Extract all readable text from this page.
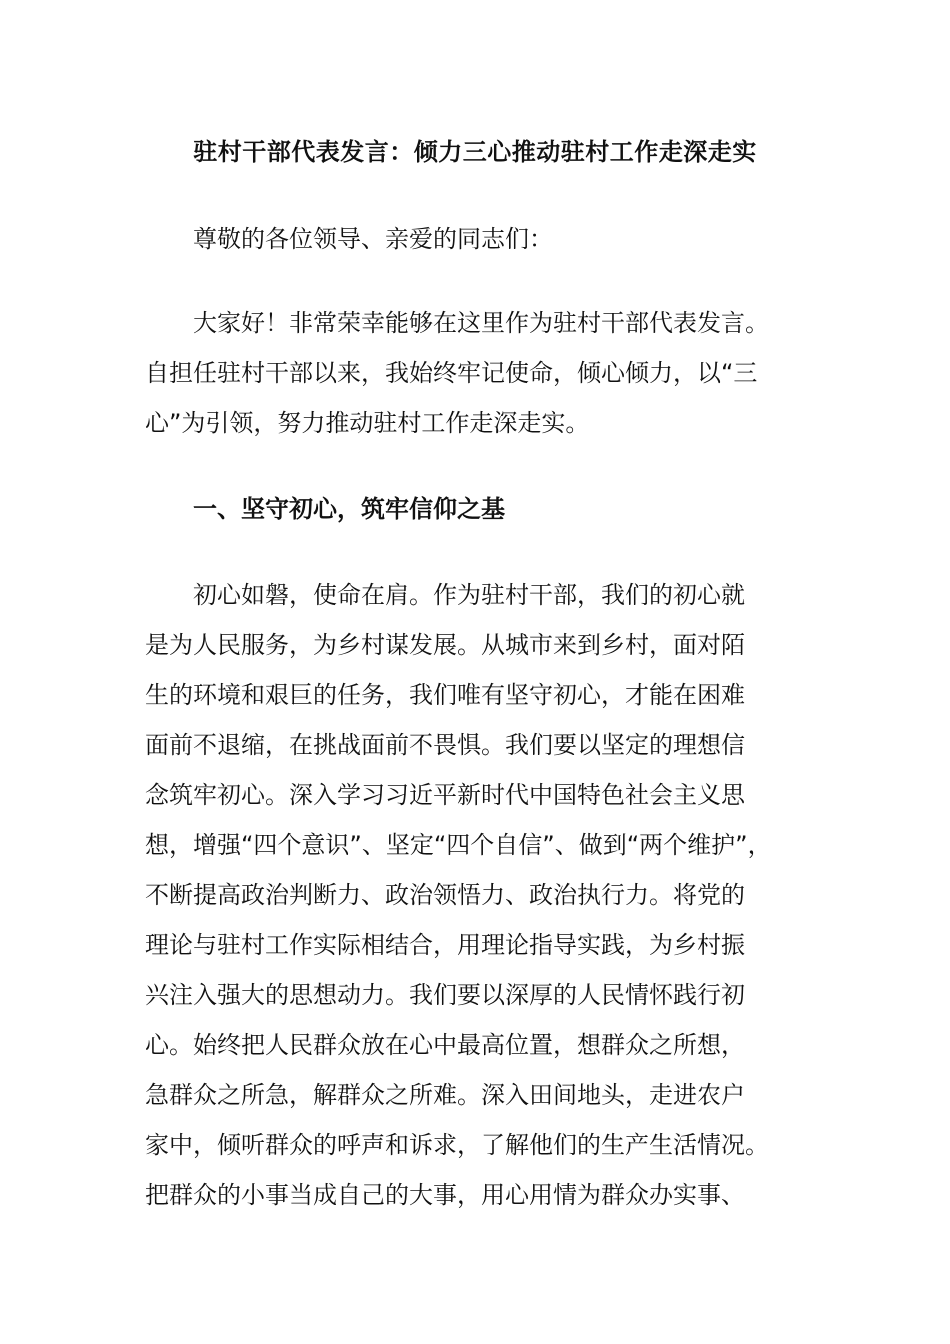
驻村干部代表发言：倾力三心推动驻村工作走深走实
尊敬的各位领导、亲爱的同志们：
大家好！非常荣幸能够在这里作为驻村干部代表发言。
自担任驻村干部以来，我始终牢记使命，倾心倾力，以“三
心”为引领，努力推动驻村工作走深走实。
一、坚守初心，筑牢信仰之基
初心如磐，使命在肩。作为驻村干部，我们的初心就
是为人民服务，为乡村谋发展。从城市来到乡村，面对陌
生的环境和艰巨的任务，我们唯有坚守初心，才能在困难
面前不退缩，在挑战面前不畏惧。我们要以坚定的理想信
念筑牢初心。深入学习习近平新时代中国特色社会主义思
想，增强“四个意识”、坚定“四个自信”、做到“两个维护”，
不断提高政治判断力、政治领悟力、政治执行力。将党的
理论与驻村工作实际相结合，用理论指导实践，为乡村振
兴注入强大的思想动力。我们要以深厚的人民情怀践行初
心。始终把人民群众放在心中最高位置，想群众之所想，
急群众之所急，解群众之所难。深入田间地头，走进农户
家中，倾听群众的呼声和诉求，了解他们的生产生活情况。
把群众的小事当成自己的大事，用心用情为群众办实事、
